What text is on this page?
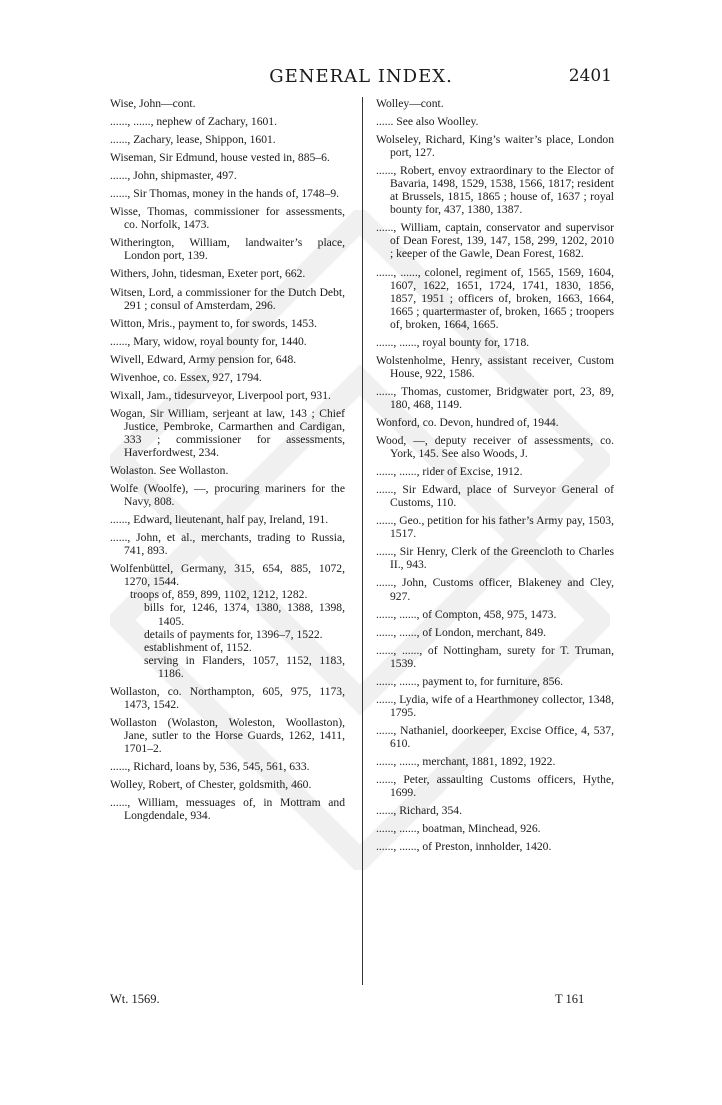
GENERAL INDEX.	2401

Wise, John—cont.

......, ......, nephew of Zachary, 1601.

......, Zachary, lease, Shippon, 1601.

Wiseman, Sir Edmund, house vested in, 885–6.

......, John, shipmaster, 497.

......, Sir Thomas, money in the hands of, 1748–9.

Wisse, Thomas, commissioner for assessments, co. Norfolk, 1473.

Witherington, William, landwaiter’s place, London port, 139.

Withers, John, tidesman, Exeter port, 662.

Witsen, Lord, a commissioner for the Dutch Debt, 291 ; consul of Amsterdam, 296.

Witton, Mris., payment to, for swords, 1453.

......, Mary, widow, royal bounty for, 1440.

Wivell, Edward, Army pension for, 648.

Wivenhoe, co. Essex, 927, 1794.

Wixall, Jam., tidesurveyor, Liverpool port, 931.

Wogan, Sir William, serjeant at law, 143 ; Chief Justice, Pembroke, Carmarthen and Cardigan, 333 ; commissioner for assessments, Haverfordwest, 234.

Wolaston. See Wollaston.

Wolfe (Woolfe), —, procuring mariners for the Navy, 808.

......, Edward, lieutenant, half pay, Ireland, 191.

......, John, et al., merchants, trading to Russia, 741, 893.

Wolfenbüttel, Germany, 315, 654, 885, 1072, 1270, 1544.

troops of, 859, 899, 1102, 1212, 1282.

bills for, 1246, 1374, 1380, 1388, 1398, 1405.

details of payments for, 1396–7, 1522.

establishment of, 1152.

serving in Flanders, 1057, 1152, 1183, 1186.

Wollaston, co. Northampton, 605, 975, 1173, 1473, 1542.

Wollaston (Wolaston, Woleston, Woollaston), Jane, sutler to the Horse Guards, 1262, 1411, 1701–2.

......, Richard, loans by, 536, 545, 561, 633.

Wolley, Robert, of Chester, goldsmith, 460.

......, William, messuages of, in Mottram and Longdendale, 934.

Wolley—cont.

...... See also Woolley.

Wolseley, Richard, King’s waiter’s place, London port, 127.

......, Robert, envoy extraordinary to the Elector of Bavaria, 1498, 1529, 1538, 1566, 1817; resident at Brussels, 1815, 1865 ; house of, 1637 ; royal bounty for, 437, 1380, 1387.

......, William, captain, conservator and supervisor of Dean Forest, 139, 147, 158, 299, 1202, 2010 ; keeper of the Gawle, Dean Forest, 1682.

......, ......, colonel, regiment of, 1565, 1569, 1604, 1607, 1622, 1651, 1724, 1741, 1830, 1856, 1857, 1951 ; officers of, broken, 1663, 1664, 1665 ; quartermaster of, broken, 1665 ; troopers of, broken, 1664, 1665.

......, ......, royal bounty for, 1718.

Wolstenholme, Henry, assistant receiver, Custom House, 922, 1586.

......, Thomas, customer, Bridgwater port, 23, 89, 180, 468, 1149.

Wonford, co. Devon, hundred of, 1944.

Wood, —, deputy receiver of assessments, co. York, 145. See also Woods, J.

......, ......, rider of Excise, 1912.

......, Sir Edward, place of Surveyor General of Customs, 110.

......, Geo., petition for his father’s Army pay, 1503, 1517.

......, Sir Henry, Clerk of the Greencloth to Charles II., 943.

......, John, Customs officer, Blakeney and Cley, 927.

......, ......, of Compton, 458, 975, 1473.

......, ......, of London, merchant, 849.

......, ......, of Nottingham, surety for T. Truman, 1539.

......, ......, payment to, for furniture, 856.

......, Lydia, wife of a Hearthmoney collector, 1348, 1795.

......, Nathaniel, doorkeeper, Excise Office, 4, 537, 610.

......, ......, merchant, 1881, 1892, 1922.

......, Peter, assaulting Customs officers, Hythe, 1699.

......, Richard, 354.

......, ......, boatman, Minchead, 926.

......, ......, of Preston, innholder, 1420.

Wt. 1569.	T 161
